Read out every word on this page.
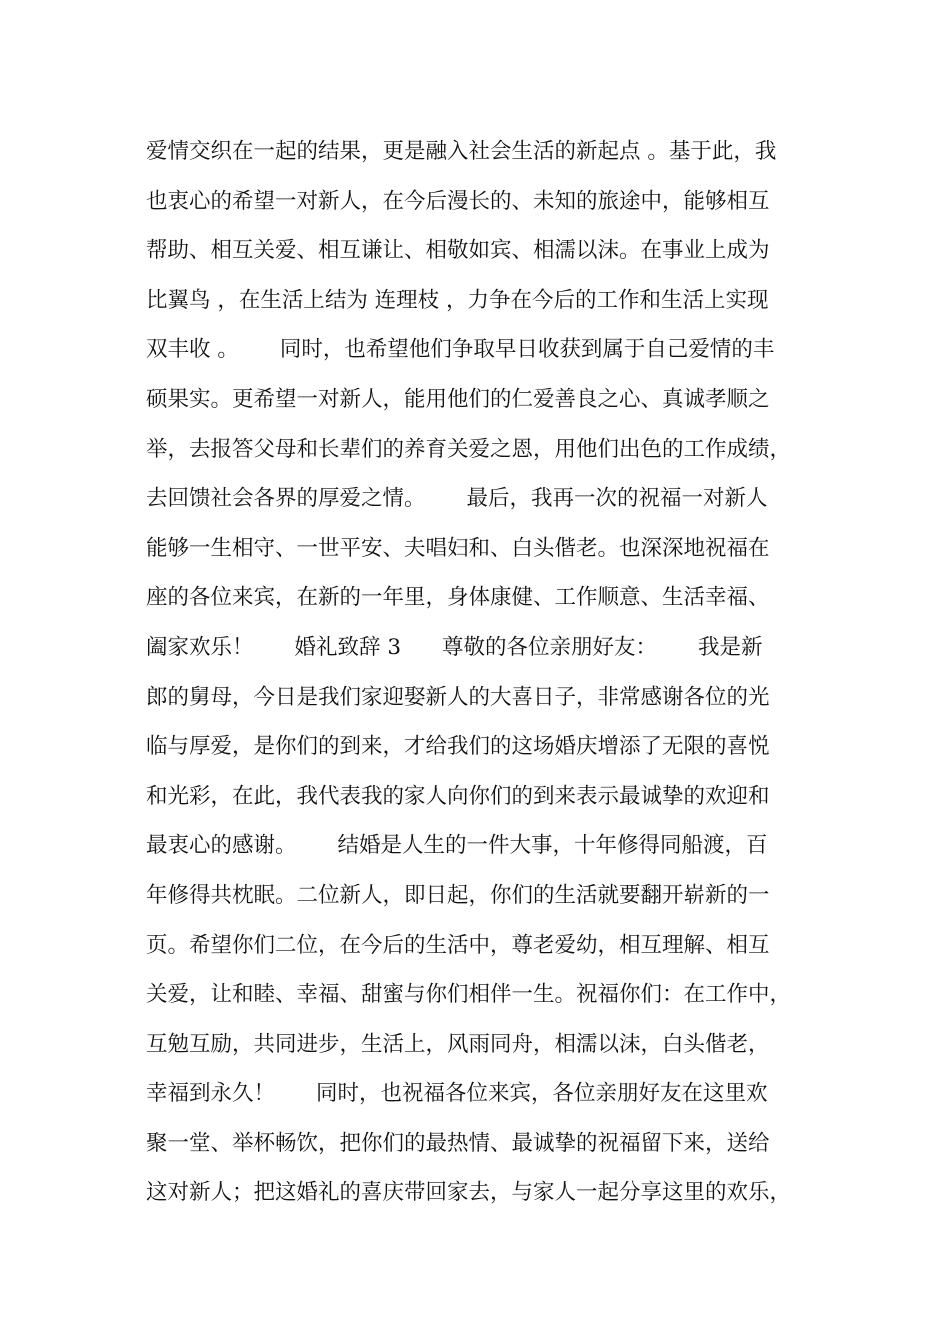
爱情交织在一起的结果，更是融入社会生活的新起点 。基于此，我
也衷心的希望一对新人，在今后漫长的、未知的旅途中，能够相互
帮助、相互关爱、相互谦让、相敬如宾、相濡以沫。在事业上成为
比翼鸟 ，在生活上结为 连理枝 ，力争在今后的工作和生活上实现
双丰收 。      同时，也希望他们争取早日收获到属于自己爱情的丰
硕果实。更希望一对新人，能用他们的仁爱善良之心、真诚孝顺之
举，去报答父母和长辈们的养育关爱之恩，用他们出色的工作成绩，
去回馈社会各界的厚爱之情。      最后，我再一次的祝福一对新人
能够一生相守、一世平安、夫唱妇和、白头偕老。也深深地祝福在
座的各位来宾，在新的一年里，身体康健、工作顺意、生活幸福、
阖家欢乐！      婚礼致辞 3      尊敬的各位亲朋好友：      我是新
郎的舅母，今日是我们家迎娶新人的大喜日子，非常感谢各位的光
临与厚爱，是你们的到来，才给我们的这场婚庆增添了无限的喜悦
和光彩，在此，我代表我的家人向你们的到来表示最诚挚的欢迎和
最衷心的感谢。      结婚是人生的一件大事，十年修得同船渡，百
年修得共枕眠。二位新人，即日起，你们的生活就要翻开崭新的一
页。希望你们二位，在今后的生活中，尊老爱幼，相互理解、相互
关爱，让和睦、幸福、甜蜜与你们相伴一生。祝福你们：在工作中，
互勉互励，共同进步，生活上，风雨同舟，相濡以沫，白头偕老，
幸福到永久！      同时，也祝福各位来宾，各位亲朋好友在这里欢
聚一堂、举杯畅饮，把你们的最热情、最诚挚的祝福留下来，送给
这对新人；把这婚礼的喜庆带回家去，与家人一起分享这里的欢乐，
